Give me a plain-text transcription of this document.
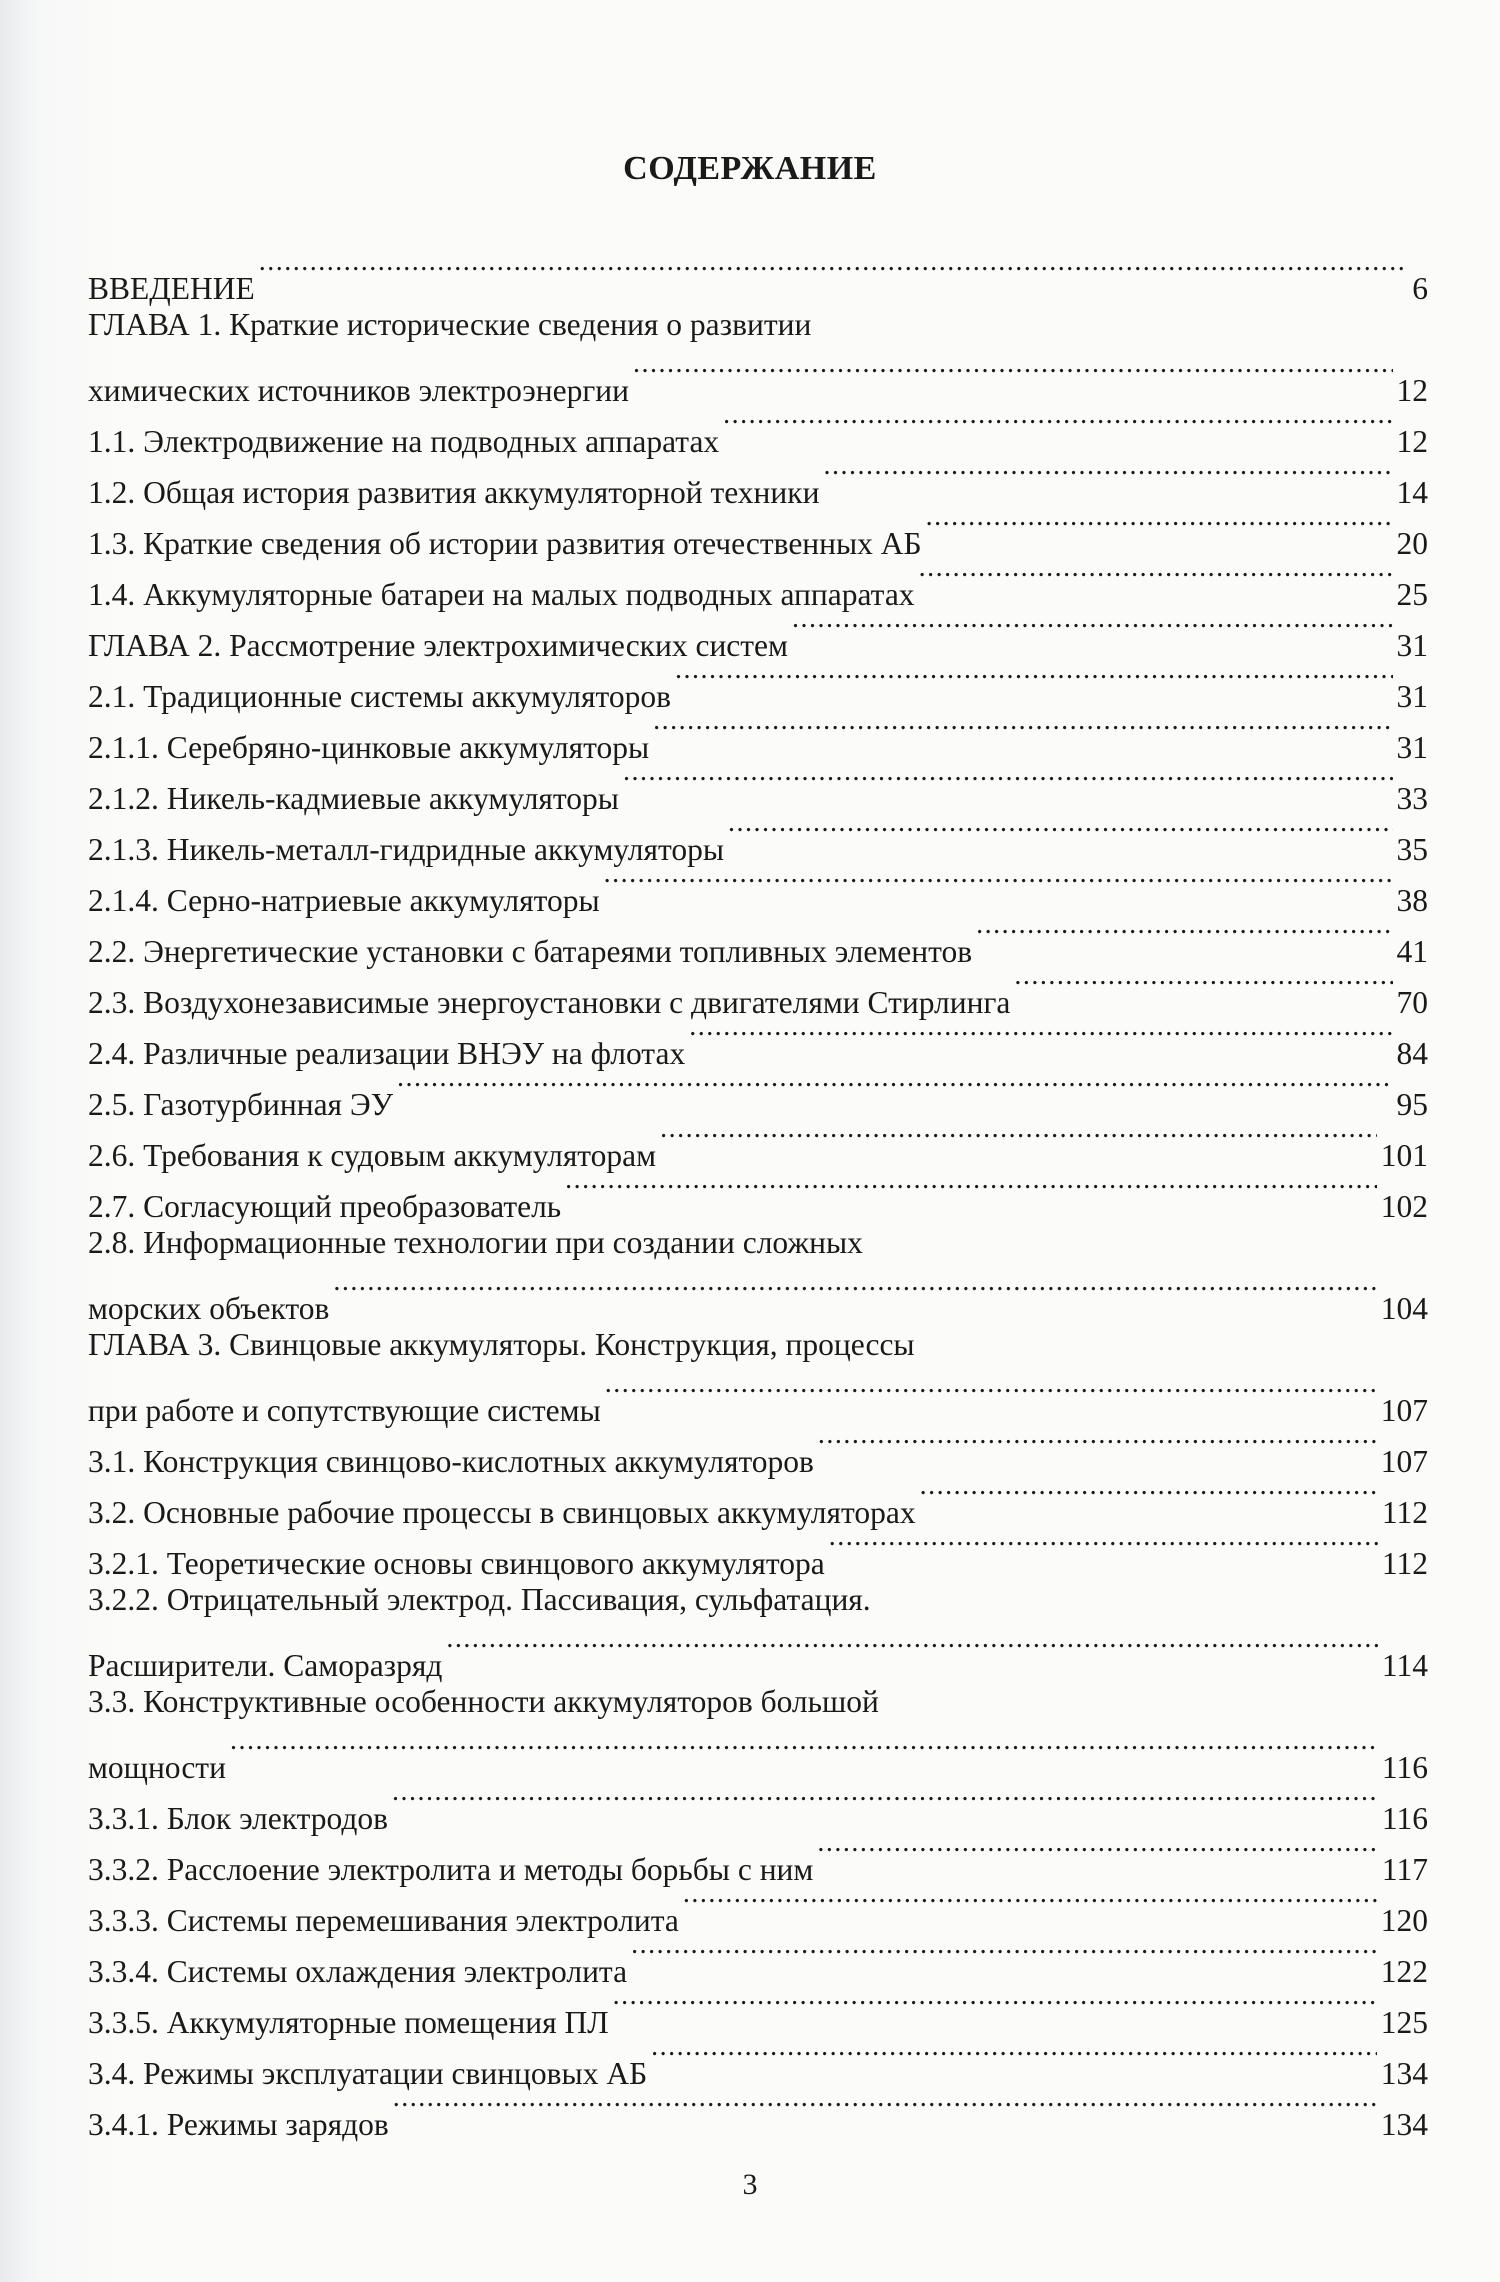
СОДЕРЖАНИЕ
ВВЕДЕНИЕ .....	6
ГЛАВА 1. Краткие исторические сведения о развитии
химических источников электроэнергии .....	12
1.1. Электродвижение на подводных аппаратах .....	12
1.2. Общая история развития аккумуляторной техники .....	14
1.3. Краткие сведения об истории развития отечественных АБ .....	20
1.4. Аккумуляторные батареи на малых подводных аппаратах .....	25
ГЛАВА 2. Рассмотрение электрохимических систем .....	31
2.1. Традиционные системы аккумуляторов .....	31
2.1.1. Серебряно-цинковые аккумуляторы .....	31
2.1.2. Никель-кадмиевые аккумуляторы .....	33
2.1.3. Никель-металл-гидридные аккумуляторы .....	35
2.1.4. Серно-натриевые аккумуляторы .....	38
2.2. Энергетические установки с батареями топливных элементов .....	41
2.3. Воздухонезависимые энергоустановки с двигателями Стирлинга .....	70
2.4. Различные реализации ВНЭУ на флотах .....	84
2.5. Газотурбинная ЭУ .....	95
2.6. Требования к судовым аккумуляторам .....	101
2.7. Согласующий преобразователь .....	102
2.8. Информационные технологии при создании сложных
морских объектов .....	104
ГЛАВА 3. Свинцовые аккумуляторы. Конструкция, процессы
при работе и сопутствующие системы .....	107
3.1. Конструкция свинцово-кислотных аккумуляторов .....	107
3.2. Основные рабочие процессы в свинцовых аккумуляторах .....	112
3.2.1. Теоретические основы свинцового аккумулятора .....	112
3.2.2. Отрицательный электрод. Пассивация, сульфатация.
Расширители. Саморазряд .....	114
3.3. Конструктивные особенности аккумуляторов большой
мощности .....	116
3.3.1. Блок электродов .....	116
3.3.2. Расслоение электролита и методы борьбы с ним .....	117
3.3.3. Системы перемешивания электролита .....	120
3.3.4. Системы охлаждения электролита .....	122
3.3.5. Аккумуляторные помещения ПЛ .....	125
3.4. Режимы эксплуатации свинцовых АБ .....	134
3.4.1. Режимы зарядов .....	134
3
